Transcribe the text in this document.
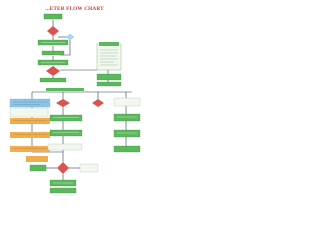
...ETER FLOW CHART
